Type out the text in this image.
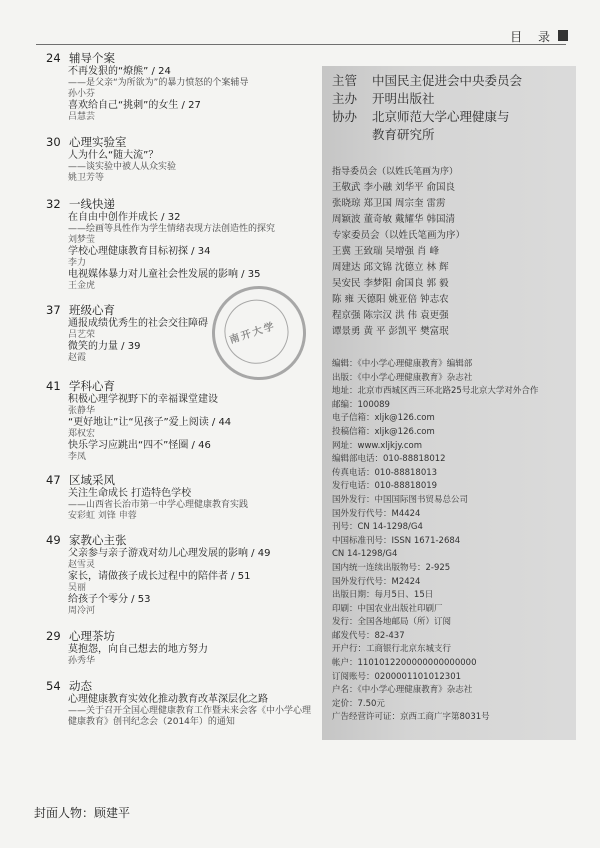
目 录
24 辅导个案
不再发狠的“燎熊” / 24
——是父亲“为所欲为”的暴力愤怒的个案辅导
孙小芬
喜欢给自己“挑刺”的女生 / 27
吕慧芸
30 心理实验室
人为什么“随大流”？
——谈实验中被人从众实验
姚卫芳等
32 一线快递
在自由中创作并成长 / 32
——绘画等具性作为学生情绪表现方法创造性的探究
刘梦莹
学校心理健康教育目标初探 / 34
李力
电视媒体暴力对儿童社会性发展的影响 / 35
王金虎
37 班级心育
通报成绩优秀生的社会交往障碍
吕艺荣
微笑的力量 / 39
赵霞
41 学科心育
积极心理学视野下的幸福课堂建设
张静华
“更好地让”让“见孩子”爱上阅读 / 44
郑权宏
快乐学习应跳出“四不”怪圈 / 46
李凤
47 区域采风
关注生命成长 打造特色学校
——山西省长治市第一中学心理健康教育实践
安彩虹 刘锋 申蓉
49 家教心主张
父亲参与亲子游戏对幼儿心理发展的影响 / 49
赵雪灵
家长，请做孩子成长过程中的陪伴者 / 51
吴丽
给孩子个零分 / 53
周冷河
29 心理茶坊
莫抱怨，向自己想去的地方努力
孙秀华
54 动态
心理健康教育实效化推动教育改革深层化之路
——关于召开全国心理健康教育工作暨未来会客《中小学心理健康教育》创刊纪念会（2014年）的通知
南开大学
封面人物：顾建平
主管 中国民主促进会中央委员会
主办 开明出版社
协办 北京师范大学心理健康与
教育研究所
指导委员会（以姓氏笔画为序）
王敬武 李小融 刘华平 俞国良
张晓琼 郑卫国 周宗奎 雷雳
周颖波 董奇敏 戴耀华 韩国清
专家委员会（以姓氏笔画为序）
王冀 王致瑞 吴增强 肖 峰
周建达 邱文锦 沈德立 林 辉
吴安民 李梦阳 俞国良 郭 毅
陈 雍 天德阳 姚亚倍 钟志农
程京强 陈宗汉 洪 伟 袁更强
谭景勇 黄 平 彭凯平 樊富珉
编辑：《中小学心理健康教育》编辑部
出版：《中小学心理健康教育》杂志社
地址：北京市西城区西三环北路25号北京大学对外合作
邮编：100089
电子信箱：xljk@126.com
投稿信箱：xljk@126.com
网址：www.xljkjy.com
编辑部电话：010-88818012
传真电话：010-88818013
发行电话：010-88818019
国外发行：中国国际图书贸易总公司
国外发行代号：M4424
刊号：CN 14-1298/G4
中国标准刊号：ISSN 1671-2684
CN 14-1298/G4
国内统一连续出版物号：2-925
国外发行代号：M2424
出版日期：每月5日、15日
印刷：中国农业出版社印刷厂
发行：全国各地邮局（所）订阅
邮发代号：82-437
开户行：工商银行北京东城支行
帐户：1101012200000000000000
订阅账号：0200001101012301
户名：《中小学心理健康教育》杂志社
定价：7.50元
广告经营许可证：京西工商广字第8031号
